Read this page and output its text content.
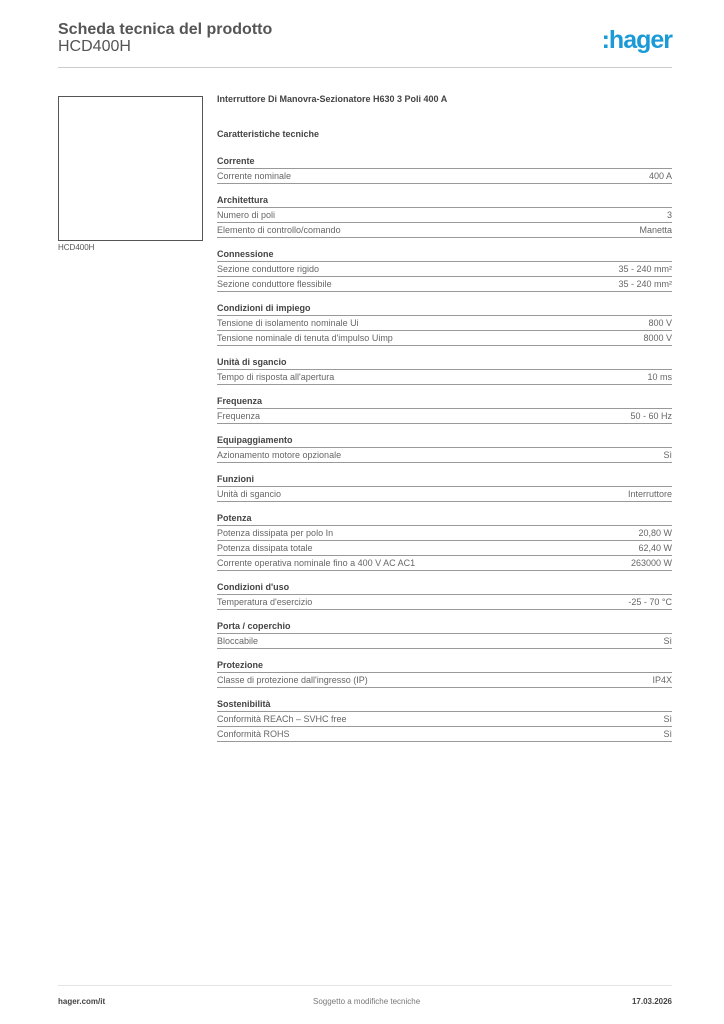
Scheda tecnica del prodotto
HCD400H	:hager
HCD400H
Interruttore Di Manovra-Sezionatore H630 3 Poli 400 A
Caratteristiche tecniche
Corrente
Corrente nominale	400 A
Architettura
Numero di poli	3
Elemento di controllo/comando	Manetta
Connessione
Sezione conduttore rigido	35 - 240 mm²
Sezione conduttore flessibile	35 - 240 mm²
Condizioni di impiego
Tensione di isolamento nominale Ui	800 V
Tensione nominale di tenuta d'impulso Uimp	8000 V
Unità di sgancio
Tempo di risposta all'apertura	10 ms
Frequenza
Frequenza	50 - 60 Hz
Equipaggiamento
Azionamento motore opzionale	Sì
Funzioni
Unità di sgancio	Interruttore
Potenza
Potenza dissipata per polo In	20,80 W
Potenza dissipata totale	62,40 W
Corrente operativa nominale fino a 400 V AC AC1	263000 W
Condizioni d'uso
Temperatura d'esercizio	-25 - 70 °C
Porta / coperchio
Bloccabile	Sì
Protezione
Classe di protezione dall'ingresso (IP)	IP4X
Sostenibilità
Conformità REACh – SVHC free	Sì
Conformità ROHS	Sì
hager.com/it	Soggetto a modifiche tecniche	17.03.2026
